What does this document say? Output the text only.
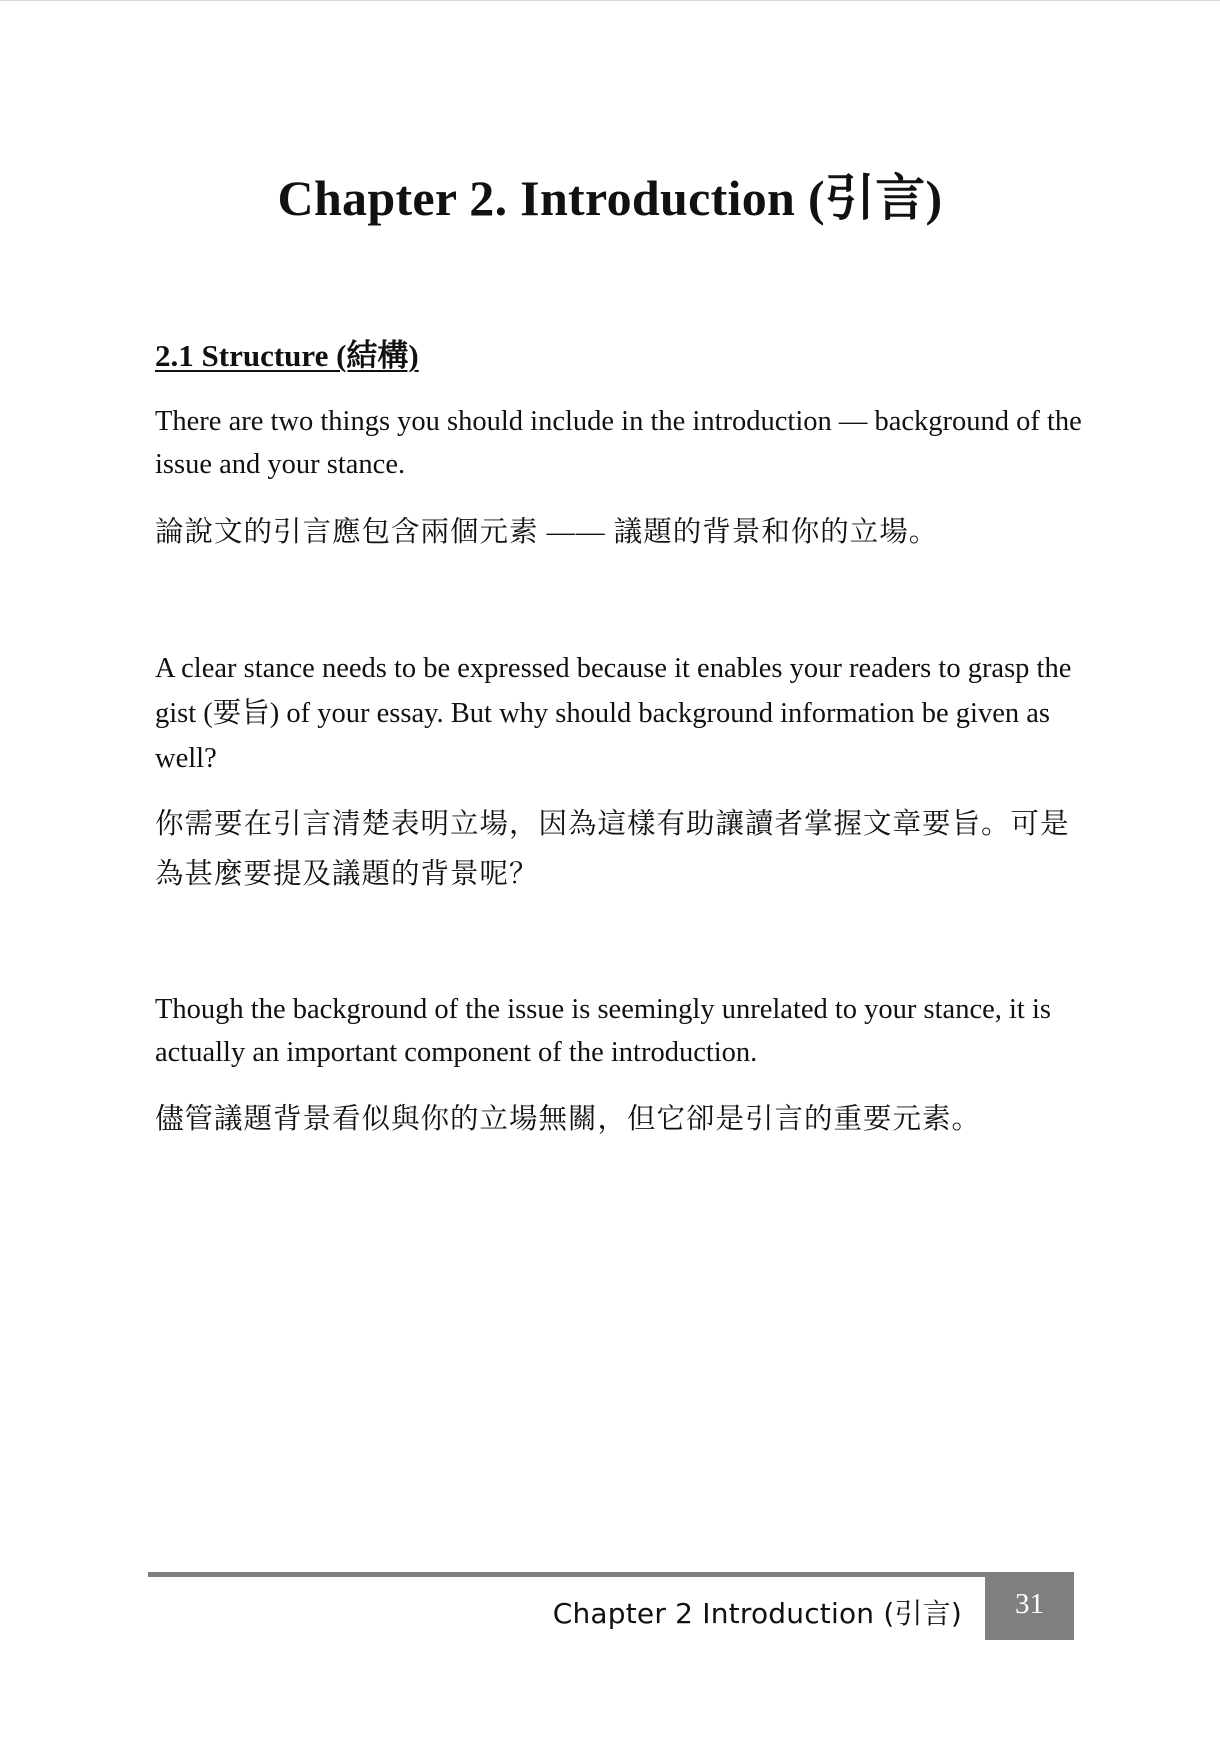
Chapter 2. Introduction (引言)
2.1 Structure (結構)

There are two things you should include in the introduction — background of the issue and your stance.

論說文的引言應包含兩個元素 —— 議題的背景和你的立場。

A clear stance needs to be expressed because it enables your readers to grasp the gist (要旨) of your essay. But why should background information be given as well?

你需要在引言清楚表明立場，因為這樣有助讓讀者掌握文章要旨。可是為甚麼要提及議題的背景呢？

Though the background of the issue is seemingly unrelated to your stance, it is actually an important component of the introduction.

儘管議題背景看似與你的立場無關，但它卻是引言的重要元素。

Chapter 2 Introduction (引言)	31
